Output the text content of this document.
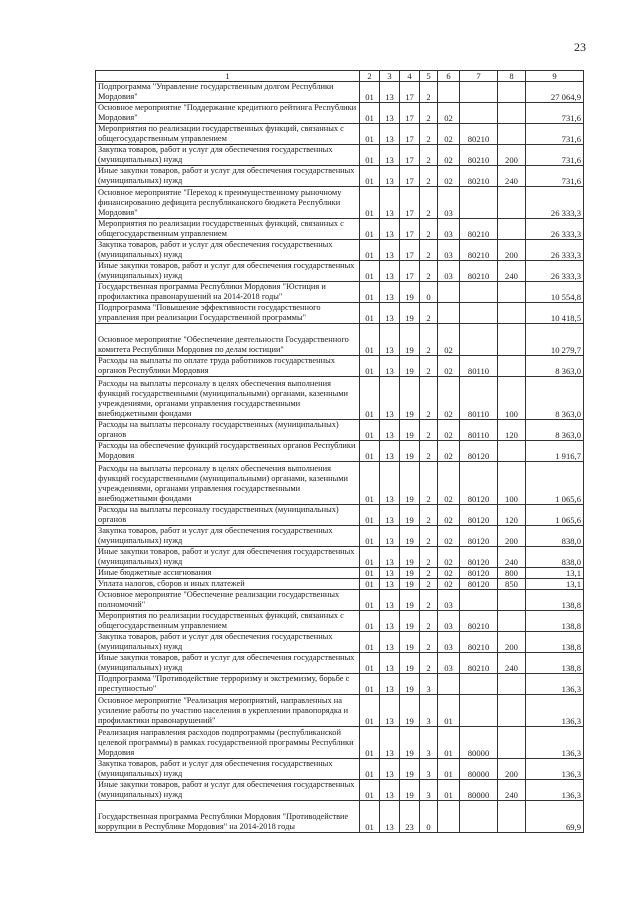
23
1	2	3	4	5	6	7	8	9
Подпрограмма "Управление государственным долгом Республики Мордовия"	01	13	17	2				27 064,9
Основное мероприятие "Поддержание кредитного рейтинга Республики Мордовия"	01	13	17	2	02			731,6
Мероприятия по реализации государственных функций, связанных с общегосударственным управлением	01	13	17	2	02	80210		731,6
Закупка товаров, работ и услуг для обеспечения государственных (муниципальных) нужд	01	13	17	2	02	80210	200	731,6
Иные закупки товаров, работ и услуг для обеспечения государственных (муниципальных) нужд	01	13	17	2	02	80210	240	731,6
Основное мероприятие "Переход к преимущественному рыночному финансированию дефицита республиканского бюджета Республики Мордовия"	01	13	17	2	03			26 333,3
Мероприятия по реализации государственных функций, связанных с общегосударственным управлением	01	13	17	2	03	80210		26 333,3
Закупка товаров, работ и услуг для обеспечения государственных (муниципальных) нужд	01	13	17	2	03	80210	200	26 333,3
Иные закупки товаров, работ и услуг для обеспечения государственных (муниципальных) нужд	01	13	17	2	03	80210	240	26 333,3
Государственная программа Республики Мордовия "Юстиция и профилактика правонарушений на 2014-2018 годы"	01	13	19	0				10 554,8
Подпрограмма "Повышение эффективности государственного управления при реализации Государственной программы"	01	13	19	2				10 418,5
Основное мероприятие "Обеспечение деятельности Государственного комитета Республики Мордовия по делам юстиции"	01	13	19	2	02			10 279,7
Расходы на выплаты по оплате труда работников государственных органов Республики Мордовия	01	13	19	2	02	80110		8 363,0
Расходы на выплаты персоналу в целях обеспечения выполнения функций государственными (муниципальными) органами, казенными учреждениями, органами управления государственными внебюджетными фондами	01	13	19	2	02	80110	100	8 363,0
Расходы на выплаты персоналу государственных (муниципальных) органов	01	13	19	2	02	80110	120	8 363,0
Расходы на обеспечение функций государственных органов Республики Мордовия	01	13	19	2	02	80120		1 916,7
Расходы на выплаты персоналу в целях обеспечения выполнения функций государственными (муниципальными) органами, казенными учреждениями, органами управления государственными внебюджетными фондами	01	13	19	2	02	80120	100	1 065,6
Расходы на выплаты персоналу государственных (муниципальных) органов	01	13	19	2	02	80120	120	1 065,6
Закупка товаров, работ и услуг для обеспечения государственных (муниципальных) нужд	01	13	19	2	02	80120	200	838,0
Иные закупки товаров, работ и услуг для обеспечения государственных (муниципальных) нужд	01	13	19	2	02	80120	240	838,0
Иные бюджетные ассигнования	01	13	19	2	02	80120	800	13,1
Уплата налогов, сборов и иных платежей	01	13	19	2	02	80120	850	13,1
Основное мероприятие "Обеспечение реализации государственных полномочий"	01	13	19	2	03			138,8
Мероприятия по реализации государственных функций, связанных с общегосударственным управлением	01	13	19	2	03	80210		138,8
Закупка товаров, работ и услуг для обеспечения государственных (муниципальных) нужд	01	13	19	2	03	80210	200	138,8
Иные закупки товаров, работ и услуг для обеспечения государственных (муниципальных) нужд	01	13	19	2	03	80210	240	138,8
Подпрограмма "Противодействие терроризму и экстремизму, борьбе с преступностью"	01	13	19	3				136,3
Основное мероприятие "Реализация мероприятий, направленных на усиление работы по участию населения в укреплении правопорядка и профилактики правонарушений"	01	13	19	3	01			136,3
Реализация направления расходов подпрограммы (республиканской целевой программы) в рамках государственной программы Республики Мордовия	01	13	19	3	01	80000		136,3
Закупка товаров, работ и услуг для обеспечения государственных (муниципальных) нужд	01	13	19	3	01	80000	200	136,3
Иные закупки товаров, работ и услуг для обеспечения государственных (муниципальных) нужд	01	13	19	3	01	80000	240	136,3
Государственная программа Республики Мордовия "Противодействие коррупции в Республике Мордовия" на 2014-2018 годы	01	13	23	0				69,9
